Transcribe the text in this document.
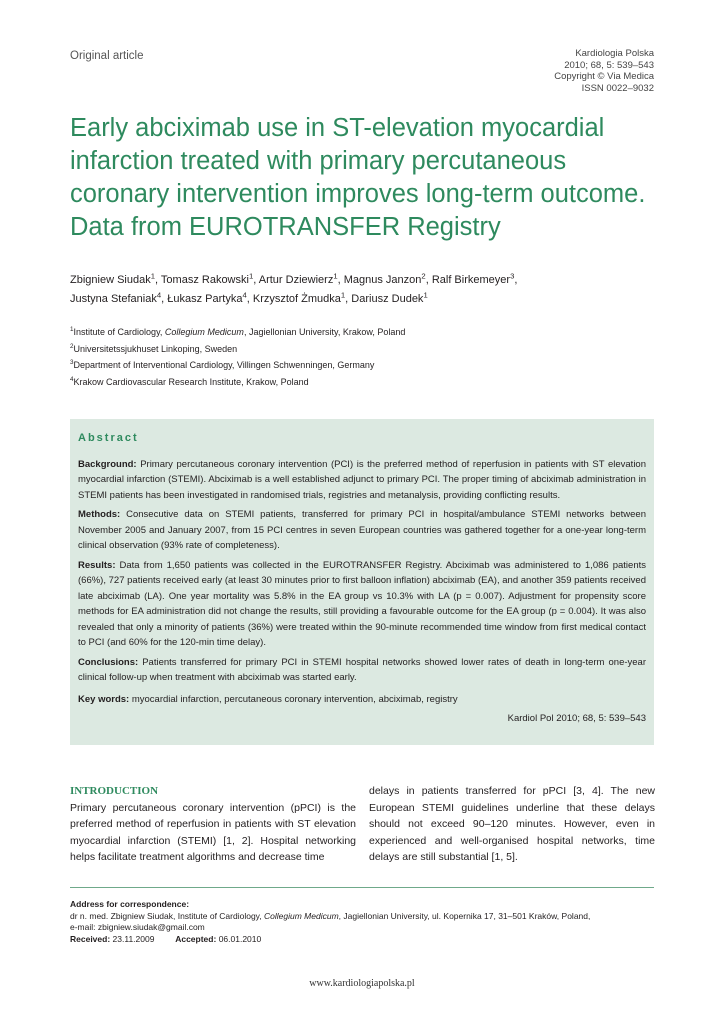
Original article	Kardiologia Polska
2010; 68, 5: 539–543
Copyright © Via Medica
ISSN 0022–9032
Early abciximab use in ST-elevation myocardial infarction treated with primary percutaneous coronary intervention improves long-term outcome. Data from EUROTRANSFER Registry
Zbigniew Siudak$^1$, Tomasz Rakowski$^1$, Artur Dziewierz$^1$, Magnus Janzon$^2$, Ralf Birkemeyer$^3$,
Justyna Stefaniak$^4$, Łukasz Partyka$^4$, Krzysztof Żmudka$^1$, Dariusz Dudek$^1$
$^1$Institute of Cardiology, Collegium Medicum, Jagiellonian University, Krakow, Poland
$^2$Universitetssjukhuset Linkoping, Sweden
$^3$Department of Interventional Cardiology, Villingen Schwenningen, Germany
$^4$Krakow Cardiovascular Research Institute, Krakow, Poland
Abstract

Background: Primary percutaneous coronary intervention (PCI) is the preferred method of reperfusion in patients with ST elevation myocardial infarction (STEMI). Abciximab is a well established adjunct to primary PCI. The proper timing of abciximab administration in STEMI patients has been investigated in randomised trials, registries and metanalysis, providing conflicting results.

Methods: Consecutive data on STEMI patients, transferred for primary PCI in hospital/ambulance STEMI networks between November 2005 and January 2007, from 15 PCI centres in seven European countries was gathered together for a one-year long-term clinical observation (93% rate of completeness).

Results: Data from 1,650 patients was collected in the EUROTRANSFER Registry. Abciximab was administered to 1,086 patients (66%), 727 patients received early (at least 30 minutes prior to first balloon inflation) abciximab (EA), and another 359 patients received late abciximab (LA). One year mortality was 5.8% in the EA group vs 10.3% with LA (p = 0.007). Adjustment for propensity score methods for EA administration did not change the results, still providing a favourable outcome for the EA group (p = 0.004). It was also revealed that only a minority of patients (36%) were treated within the 90-minute recommended time window from first medical contact to PCI (and 60% for the 120-min time delay).

Conclusions: Patients transferred for primary PCI in STEMI hospital networks showed lower rates of death in long-term one-year clinical follow-up when treatment with abciximab was started early.

Key words: myocardial infarction, percutaneous coronary intervention, abciximab, registry

Kardiol Pol 2010; 68, 5: 539–543
INTRODUCTION
Primary percutaneous coronary intervention (pPCI) is the preferred method of reperfusion in patients with ST elevation myocardial infarction (STEMI) [1, 2]. Hospital networking helps facilitate treatment algorithms and decrease time
delays in patients transferred for pPCI [3, 4]. The new European STEMI guidelines underline that these delays should not exceed 90–120 minutes. However, even in experienced and well-organised hospital networks, time delays are still substantial [1, 5].
Address for correspondence:
dr n. med. Zbigniew Siudak, Institute of Cardiology, Collegium Medicum, Jagiellonian University, ul. Kopernika 17, 31–501 Kraków, Poland,
e-mail: zbigniew.siudak@gmail.com
Received: 23.11.2009 Accepted: 06.01.2010
www.kardiologiapolska.pl
